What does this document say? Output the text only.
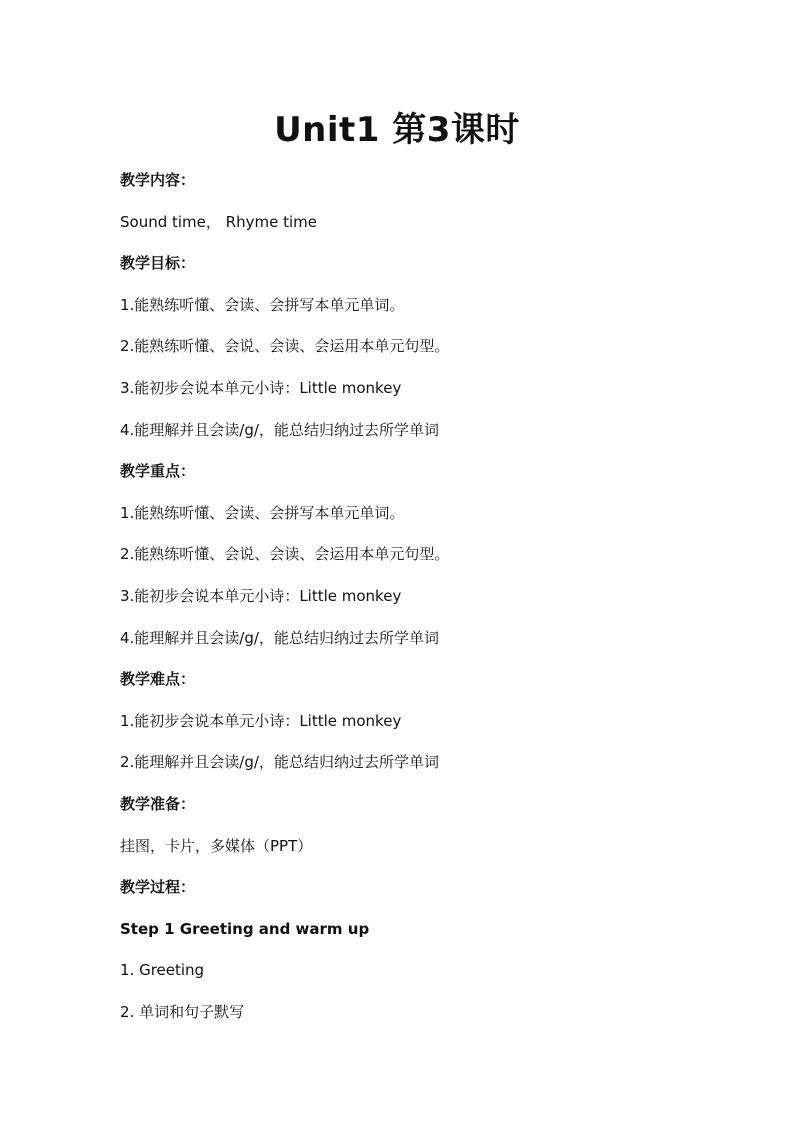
Unit1 第3课时
教学内容：
Sound time， Rhyme time
教学目标：
1.能熟练听懂、会读、会拼写本单元单词。
2.能熟练听懂、会说、会读、会运用本单元句型。
3.能初步会说本单元小诗：Little monkey
4.能理解并且会读/g/，能总结归纳过去所学单词
教学重点：
1.能熟练听懂、会读、会拼写本单元单词。
2.能熟练听懂、会说、会读、会运用本单元句型。
3.能初步会说本单元小诗：Little monkey
4.能理解并且会读/g/，能总结归纳过去所学单词
教学难点：
1.能初步会说本单元小诗：Little monkey
2.能理解并且会读/g/，能总结归纳过去所学单词
教学准备：
挂图，卡片，多媒体（PPT）
教学过程：
Step 1 Greeting and warm up
1. Greeting
2. 单词和句子默写
